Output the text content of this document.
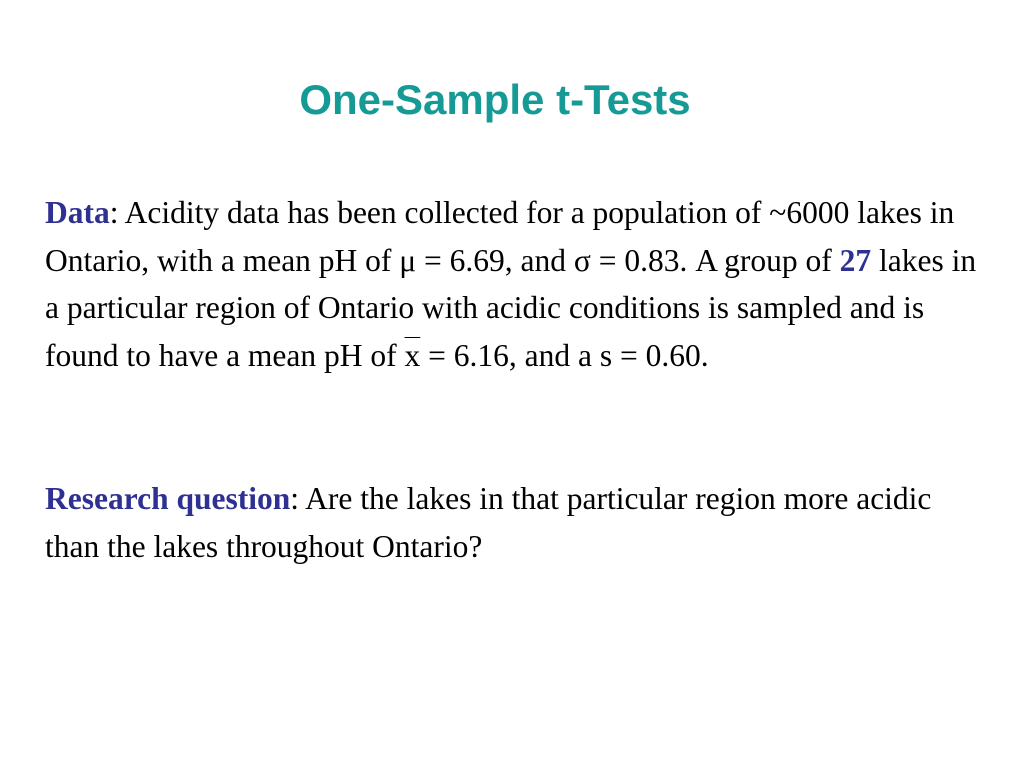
One-Sample t-Tests

Data: Acidity data has been collected for a population of ~6000 lakes in Ontario, with a mean pH of μ = 6.69, and σ = 0.83. A group of 27 lakes in a particular region of Ontario with acidic conditions is sampled and is found to have a mean pH of $\overline{x} = 6.16$, and a s = 0.60.

Research question: Are the lakes in that particular region more acidic than the lakes throughout Ontario?
